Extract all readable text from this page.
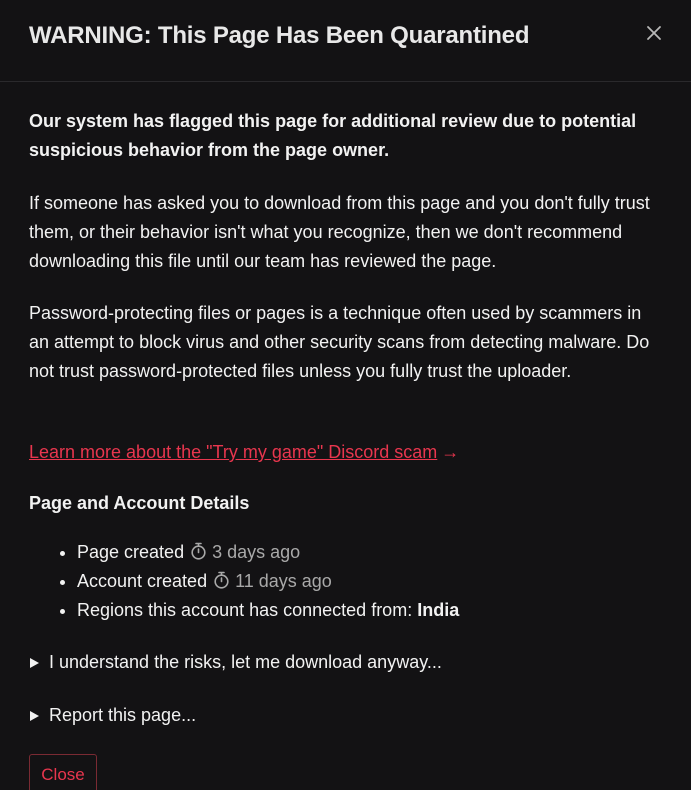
WARNING: This Page Has Been Quarantined

Our system has flagged this page for additional review due to potential suspicious behavior from the page owner.

If someone has asked you to download from this page and you don't fully trust them, or their behavior isn't what you recognize, then we don't recommend downloading this file until our team has reviewed the page.

Password-protecting files or pages is a technique often used by scammers in an attempt to block virus and other security scans from detecting malware. Do not trust password-protected files unless you fully trust the uploader.

Learn more about the "Try my game" Discord scam →
Page and Account Details
• Page created 3 days ago
• Account created 11 days ago
• Regions this account has connected from: India
I understand the risks, let me download anyway...
Report this page...
Close
